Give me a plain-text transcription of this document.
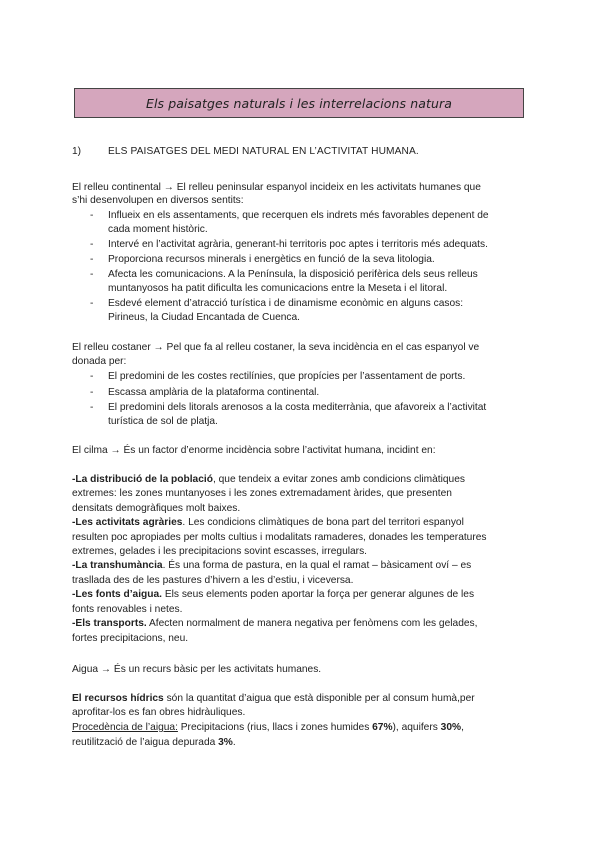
Els paisatges naturals i les interrelacions natura
1)	ELS PAISATGES DEL MEDI NATURAL EN L’ACTIVITAT HUMANA.
El relleu continental → El relleu peninsular espanyol incideix en les activitats humanes que
s’hi desenvolupen en diversos sentits:
- Influeix en els assentaments, que recerquen els indrets més favorables depenent de
cada moment històric.
- Intervé en l’activitat agrària, generant-hi territoris poc aptes i territoris més adequats.
- Proporciona recursos minerals i energètics en funció de la seva litologia.
- Afecta les comunicacions. A la Península, la disposició perifèrica dels seus relleus
muntanyosos ha patit dificulta les comunicacions entre la Meseta i el litoral.
- Esdevé element d’atracció turística i de dinamisme econòmic en alguns casos:
Pirineus, la Ciudad Encantada de Cuenca.
El relleu costaner → Pel que fa al relleu costaner, la seva incidència en el cas espanyol ve
donada per:
- El predomini de les costes rectilínies, que propícies per l’assentament de ports.
- Escassa amplària de la plataforma continental.
- El predomini dels litorals arenosos a la costa mediterrània, que afavoreix a l’activitat
turística de sol de platja.
El cilma → És un factor d’enorme incidència sobre l’activitat humana, incidint en:
-La distribució de la població, que tendeix a evitar zones amb condicions climàtiques
extremes: les zones muntanyoses i les zones extremadament àrides, que presenten
densitats demogràfiques molt baixes.
-Les activitats agràries. Les condicions climàtiques de bona part del territori espanyol
resulten poc apropiades per molts cultius i modalitats ramaderes, donades les temperatures
extremes, gelades i les precipitacions sovint escasses, irregulars.
-La transhumància. És una forma de pastura, en la qual el ramat – bàsicament oví – es
trasllada des de les pastures d’hivern a les d’estiu, i viceversa.
-Les fonts d’aigua. Els seus elements poden aportar la força per generar algunes de les
fonts renovables i netes.
-Els transports. Afecten normalment de manera negativa per fenòmens com les gelades,
fortes precipitacions, neu.
Aigua → És un recurs bàsic per les activitats humanes.
El recursos hídrics són la quantitat d’aigua que està disponible per al consum humà,per
aprofitar-los es fan obres hidràuliques.
Procedència de l’aigua: Precipitacions (rius, llacs i zones humides 67%), aquifers 30%,
reutilització de l’aigua depurada 3%.
